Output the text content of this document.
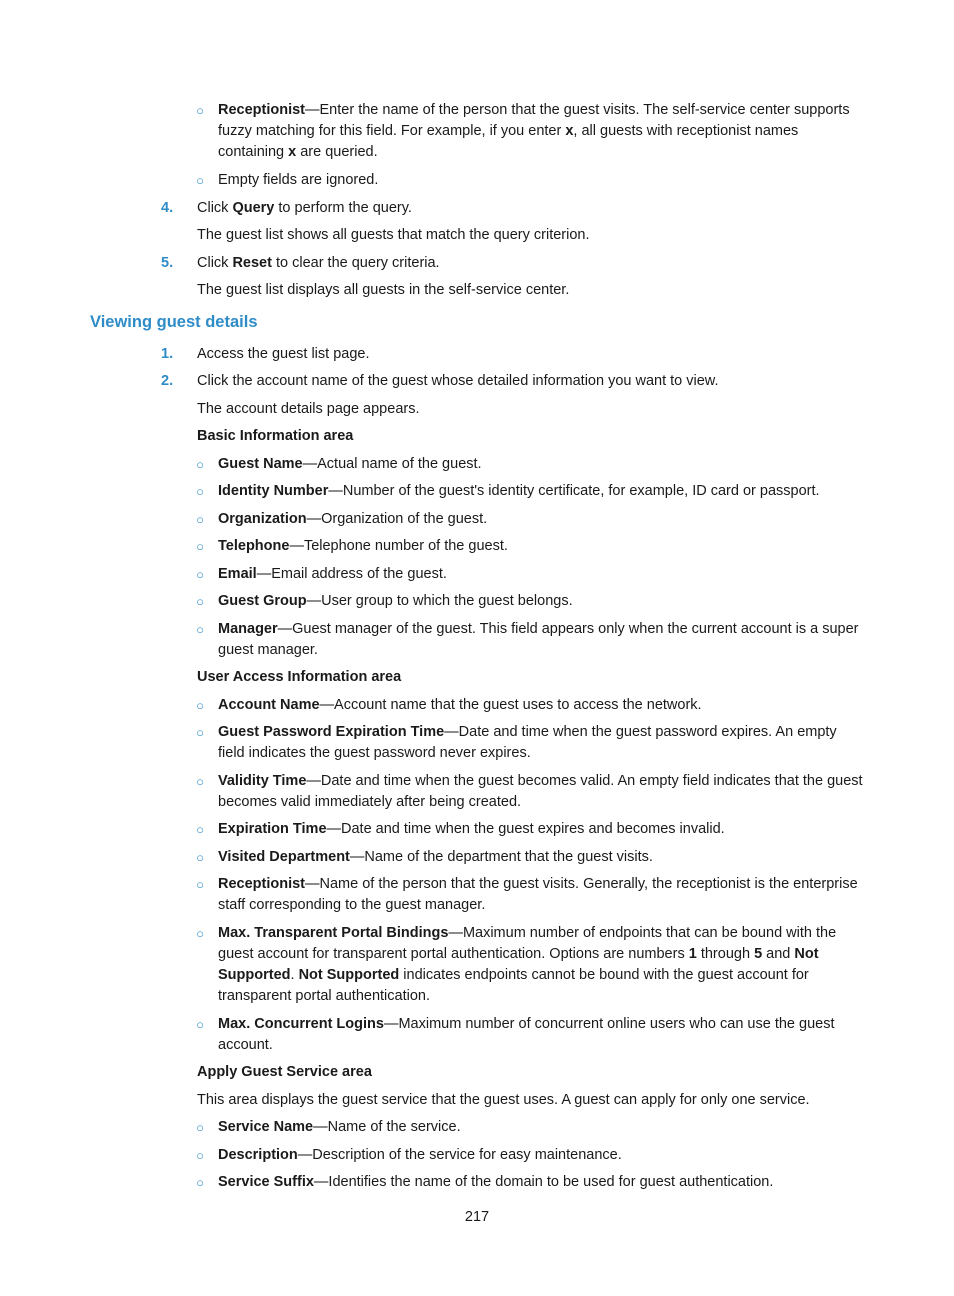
○ Receptionist—Enter the name of the person that the guest visits. The self-service center supports fuzzy matching for this field. For example, if you enter x, all guests with receptionist names containing x are queried.
○ Empty fields are ignored.
4. Click Query to perform the query.
The guest list shows all guests that match the query criterion.
5. Click Reset to clear the query criteria.
The guest list displays all guests in the self-service center.
Viewing guest details
1. Access the guest list page.
2. Click the account name of the guest whose detailed information you want to view.
The account details page appears.
Basic Information area
○ Guest Name—Actual name of the guest.
○ Identity Number—Number of the guest's identity certificate, for example, ID card or passport.
○ Organization—Organization of the guest.
○ Telephone—Telephone number of the guest.
○ Email—Email address of the guest.
○ Guest Group—User group to which the guest belongs.
○ Manager—Guest manager of the guest. This field appears only when the current account is a super guest manager.
User Access Information area
○ Account Name—Account name that the guest uses to access the network.
○ Guest Password Expiration Time—Date and time when the guest password expires. An empty field indicates the guest password never expires.
○ Validity Time—Date and time when the guest becomes valid. An empty field indicates that the guest becomes valid immediately after being created.
○ Expiration Time—Date and time when the guest expires and becomes invalid.
○ Visited Department—Name of the department that the guest visits.
○ Receptionist—Name of the person that the guest visits. Generally, the receptionist is the enterprise staff corresponding to the guest manager.
○ Max. Transparent Portal Bindings—Maximum number of endpoints that can be bound with the guest account for transparent portal authentication. Options are numbers 1 through 5 and Not Supported. Not Supported indicates endpoints cannot be bound with the guest account for transparent portal authentication.
○ Max. Concurrent Logins—Maximum number of concurrent online users who can use the guest account.
Apply Guest Service area
This area displays the guest service that the guest uses. A guest can apply for only one service.
○ Service Name—Name of the service.
○ Description—Description of the service for easy maintenance.
○ Service Suffix—Identifies the name of the domain to be used for guest authentication.
217
